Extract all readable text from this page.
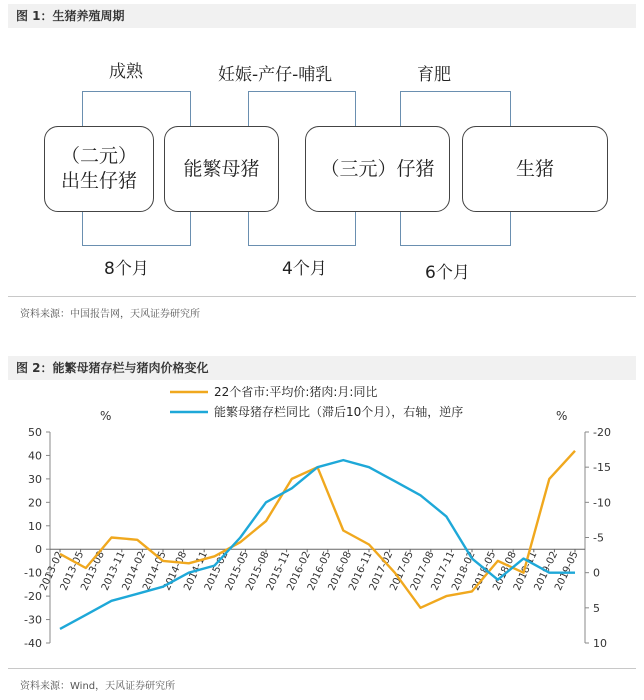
图 1：生猪养殖周期
成熟	妊娠-产仔-哺乳	育肥
（二元）
出生仔猪
能繁母猪	（三元）仔猪	生猪
8个月	4个月	6个月
资料来源：中国报告网，天风证券研究所
图 2：能繁母猪存栏与猪肉价格变化
50
40
30
20
10
0
-10
-20
-30
-40
-20
-15
-10
-5
0
5
10
%	%
2013-02
2013-05
2013-08
2013-11
2014-02
2014-05
2014-08
2014-11
2015-02
2015-05
2015-08
2015-11
2016-02
2016-05
2016-08
2016-11
2017-02
2017-05
2017-08
2017-11
2018-02
2018-05
2018-08
2018-11
2019-02
2019-05
22个省市:平均价:猪肉:月:同比
能繁母猪存栏同比（滞后10个月），右轴，逆序
资料来源：Wind，天风证券研究所
